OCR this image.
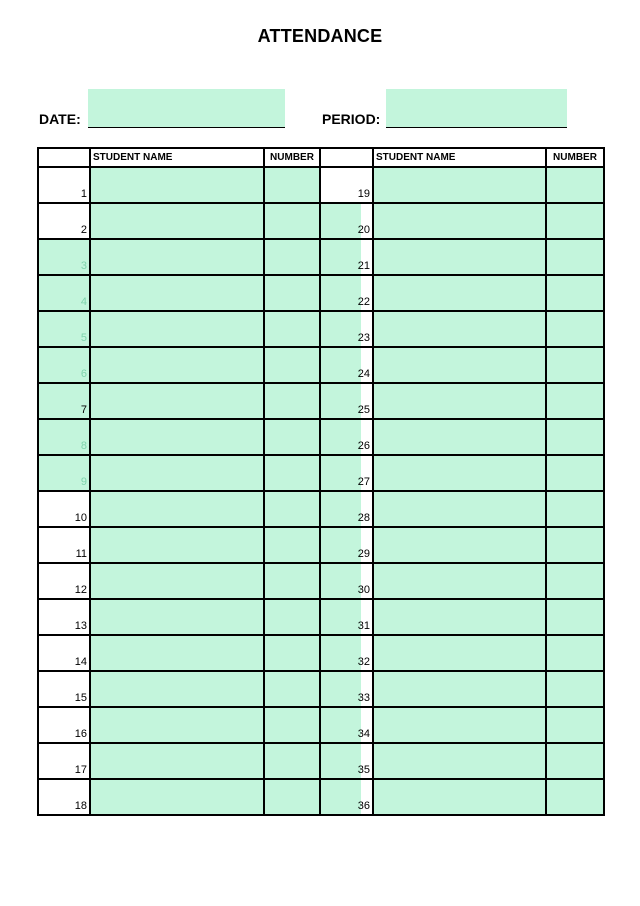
ATTENDANCE
DATE:	PERIOD:
	STUDENT NAME	NUMBER		STUDENT NAME	NUMBER

1			19		

2			20		

3			21		

4			22		

5			23		

6			24		

7			25		

8			26		

9			27		

10			28		

11			29		

12			30		

13			31		

14			32		

15			33		

16			34		

17			35		

18			36		
